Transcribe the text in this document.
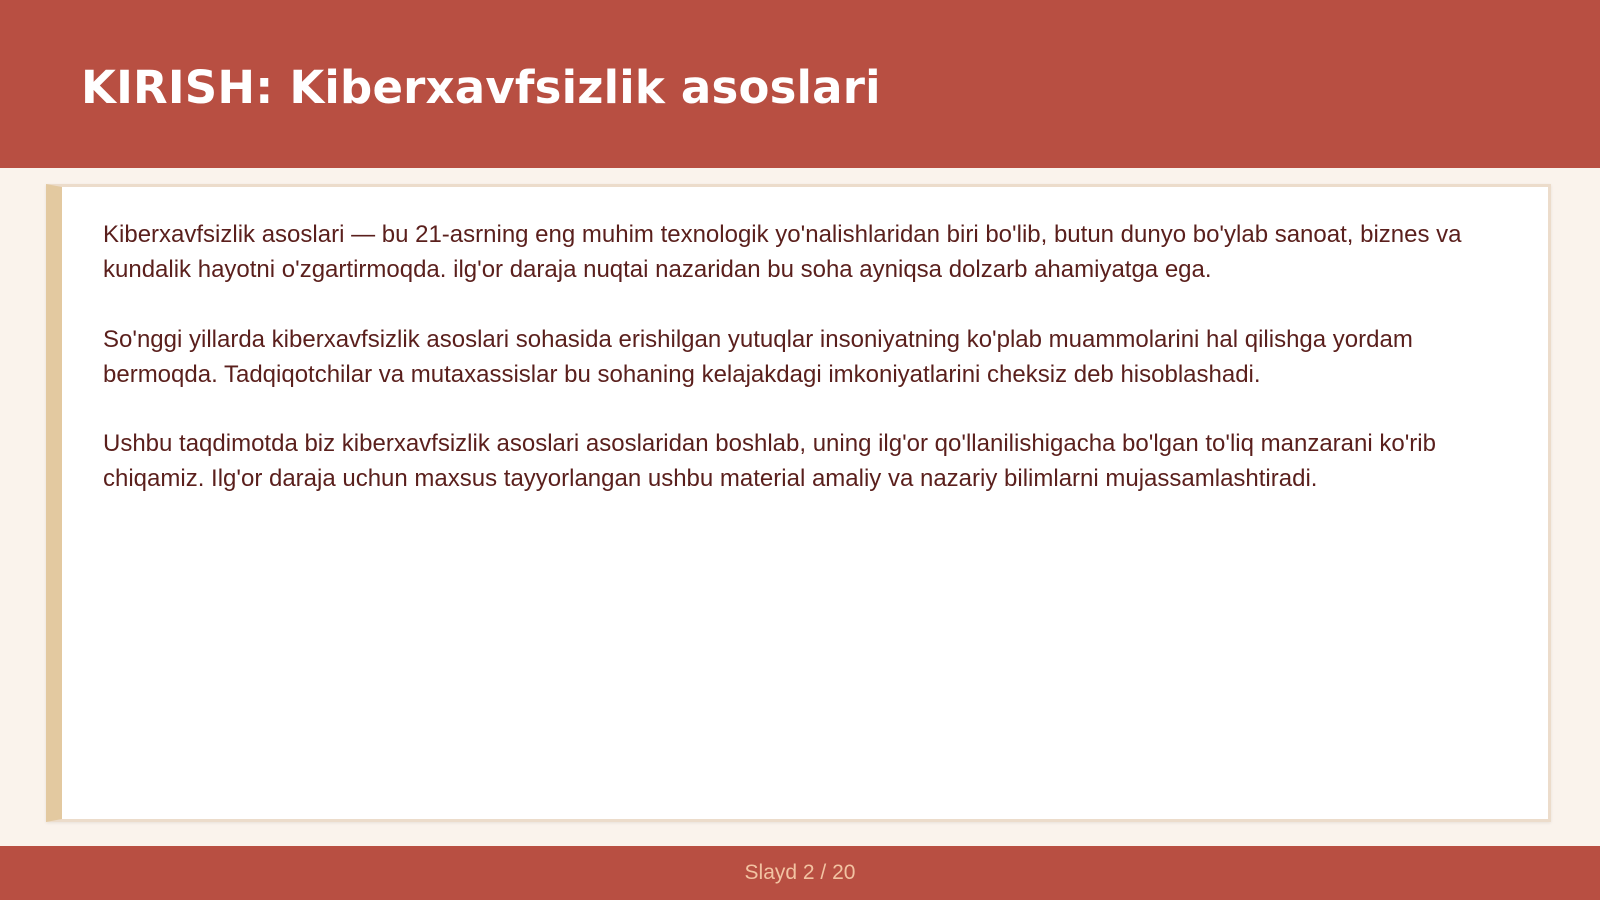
KIRISH: Kiberxavfsizlik asoslari

Kiberxavfsizlik asoslari — bu 21-asrning eng muhim texnologik yo'nalishlaridan biri bo'lib, butun dunyo bo'ylab sanoat, biznes va kundalik hayotni o'zgartirmoqda. ilg'or daraja nuqtai nazaridan bu soha ayniqsa dolzarb ahamiyatga ega.

So'nggi yillarda kiberxavfsizlik asoslari sohasida erishilgan yutuqlar insoniyatning ko'plab muammolarini hal qilishga yordam bermoqda. Tadqiqotchilar va mutaxassislar bu sohaning kelajakdagi imkoniyatlarini cheksiz deb hisoblashadi.

Ushbu taqdimotda biz kiberxavfsizlik asoslari asoslaridan boshlab, uning ilg'or qo'llanilishigacha bo'lgan to'liq manzarani ko'rib chiqamiz. Ilg'or daraja uchun maxsus tayyorlangan ushbu material amaliy va nazariy bilimlarni mujassamlashtiradi.

Slayd 2 / 20
